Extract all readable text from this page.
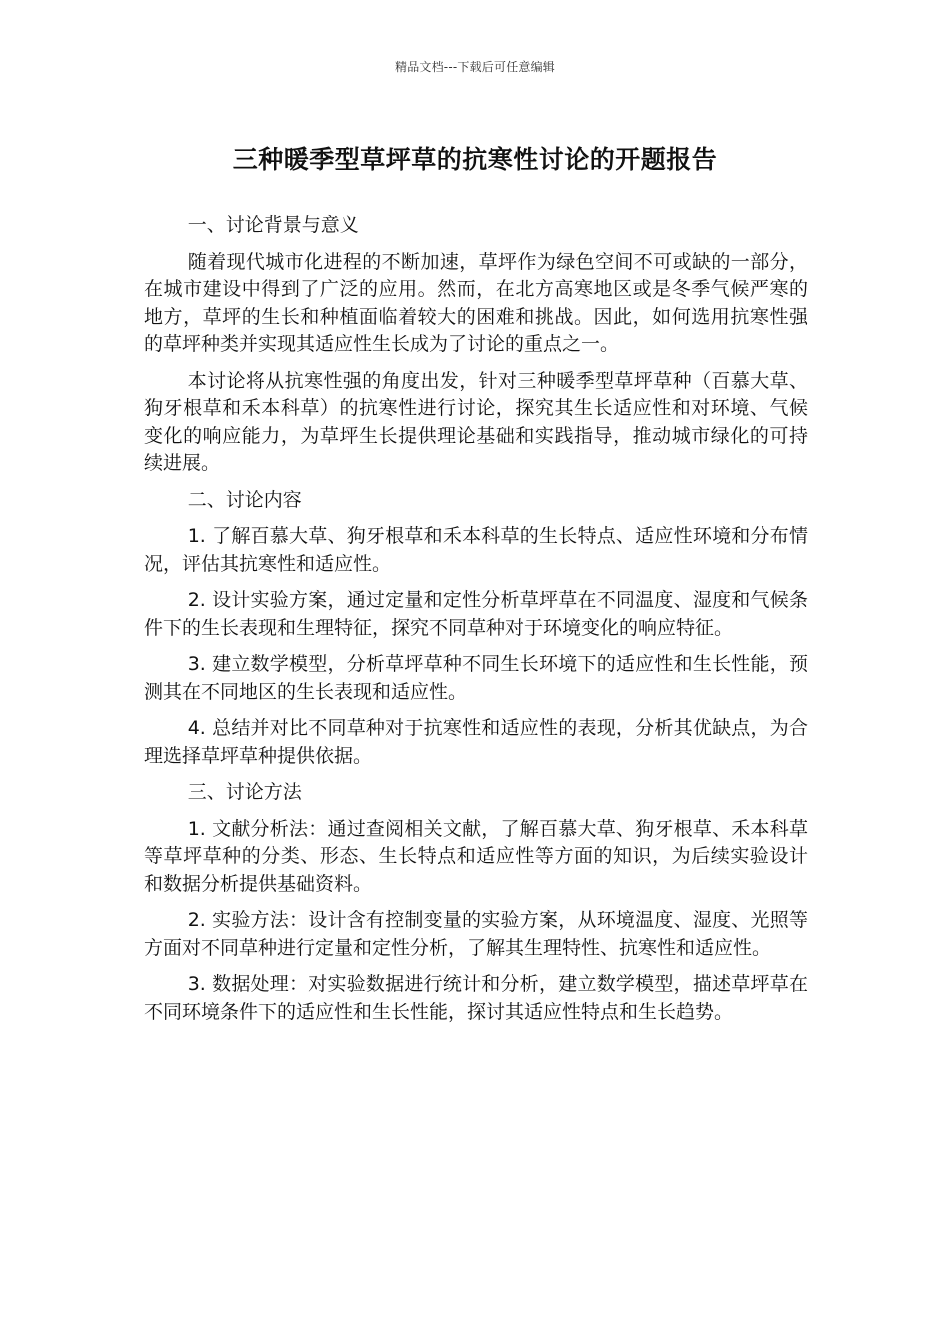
精品文档---下载后可任意编辑
三种暖季型草坪草的抗寒性讨论的开题报告

一、讨论背景与意义

随着现代城市化进程的不断加速，草坪作为绿色空间不可或缺的一部分，在城市建设中得到了广泛的应用。然而，在北方高寒地区或是冬季气候严寒的地方，草坪的生长和种植面临着较大的困难和挑战。因此，如何选用抗寒性强的草坪种类并实现其适应性生长成为了讨论的重点之一。

本讨论将从抗寒性强的角度出发，针对三种暖季型草坪草种（百慕大草、狗牙根草和禾本科草）的抗寒性进行讨论，探究其生长适应性和对环境、气候变化的响应能力，为草坪生长提供理论基础和实践指导，推动城市绿化的可持续进展。

二、讨论内容

1. 了解百慕大草、狗牙根草和禾本科草的生长特点、适应性环境和分布情况，评估其抗寒性和适应性。

2. 设计实验方案，通过定量和定性分析草坪草在不同温度、湿度和气候条件下的生长表现和生理特征，探究不同草种对于环境变化的响应特征。

3. 建立数学模型，分析草坪草种不同生长环境下的适应性和生长性能，预测其在不同地区的生长表现和适应性。

4. 总结并对比不同草种对于抗寒性和适应性的表现，分析其优缺点，为合理选择草坪草种提供依据。

三、讨论方法

1. 文献分析法：通过查阅相关文献，了解百慕大草、狗牙根草、禾本科草等草坪草种的分类、形态、生长特点和适应性等方面的知识，为后续实验设计和数据分析提供基础资料。

2. 实验方法：设计含有控制变量的实验方案，从环境温度、湿度、光照等方面对不同草种进行定量和定性分析，了解其生理特性、抗寒性和适应性。

3. 数据处理：对实验数据进行统计和分析，建立数学模型，描述草坪草在不同环境条件下的适应性和生长性能，探讨其适应性特点和生长趋势。
